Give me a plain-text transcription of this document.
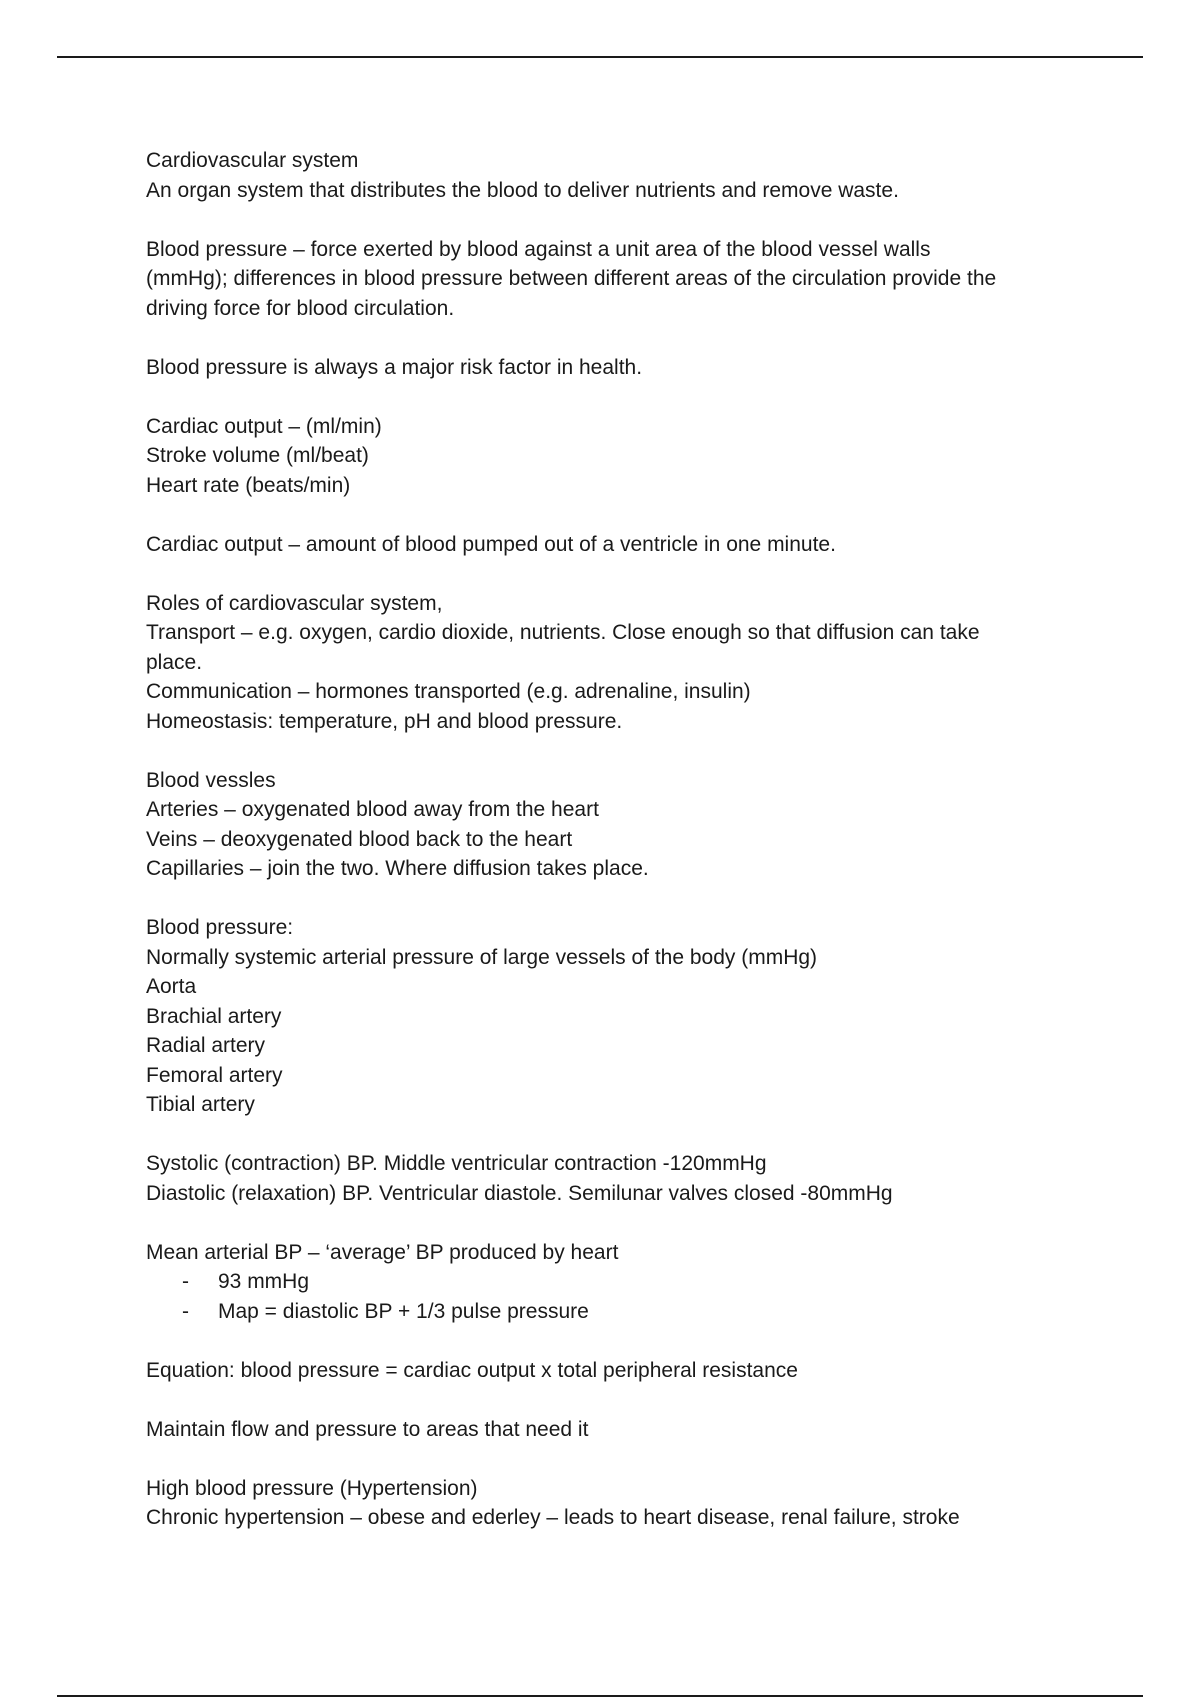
Cardiovascular system
An organ system that distributes the blood to deliver nutrients and remove waste.
Blood pressure – force exerted by blood against a unit area of the blood vessel walls
(mmHg); differences in blood pressure between different areas of the circulation provide the
driving force for blood circulation.
Blood pressure is always a major risk factor in health.
Cardiac output – (ml/min)
Stroke volume (ml/beat)
Heart rate (beats/min)
Cardiac output – amount of blood pumped out of a ventricle in one minute.
Roles of cardiovascular system,
Transport – e.g. oxygen, cardio dioxide, nutrients. Close enough so that diffusion can take
place.
Communication – hormones transported (e.g. adrenaline, insulin)
Homeostasis: temperature, pH and blood pressure.
Blood vessles
Arteries – oxygenated blood away from the heart
Veins – deoxygenated blood back to the heart
Capillaries – join the two. Where diffusion takes place.
Blood pressure:
Normally systemic arterial pressure of large vessels of the body (mmHg)
Aorta
Brachial artery
Radial artery
Femoral artery
Tibial artery
Systolic (contraction) BP. Middle ventricular contraction -120mmHg
Diastolic (relaxation) BP. Ventricular diastole. Semilunar valves closed -80mmHg
Mean arterial BP – ‘average’ BP produced by heart
- 93 mmHg
- Map = diastolic BP + 1/3 pulse pressure
Equation: blood pressure = cardiac output x total peripheral resistance
Maintain flow and pressure to areas that need it
High blood pressure (Hypertension)
Chronic hypertension – obese and ederley – leads to heart disease, renal failure, stroke
